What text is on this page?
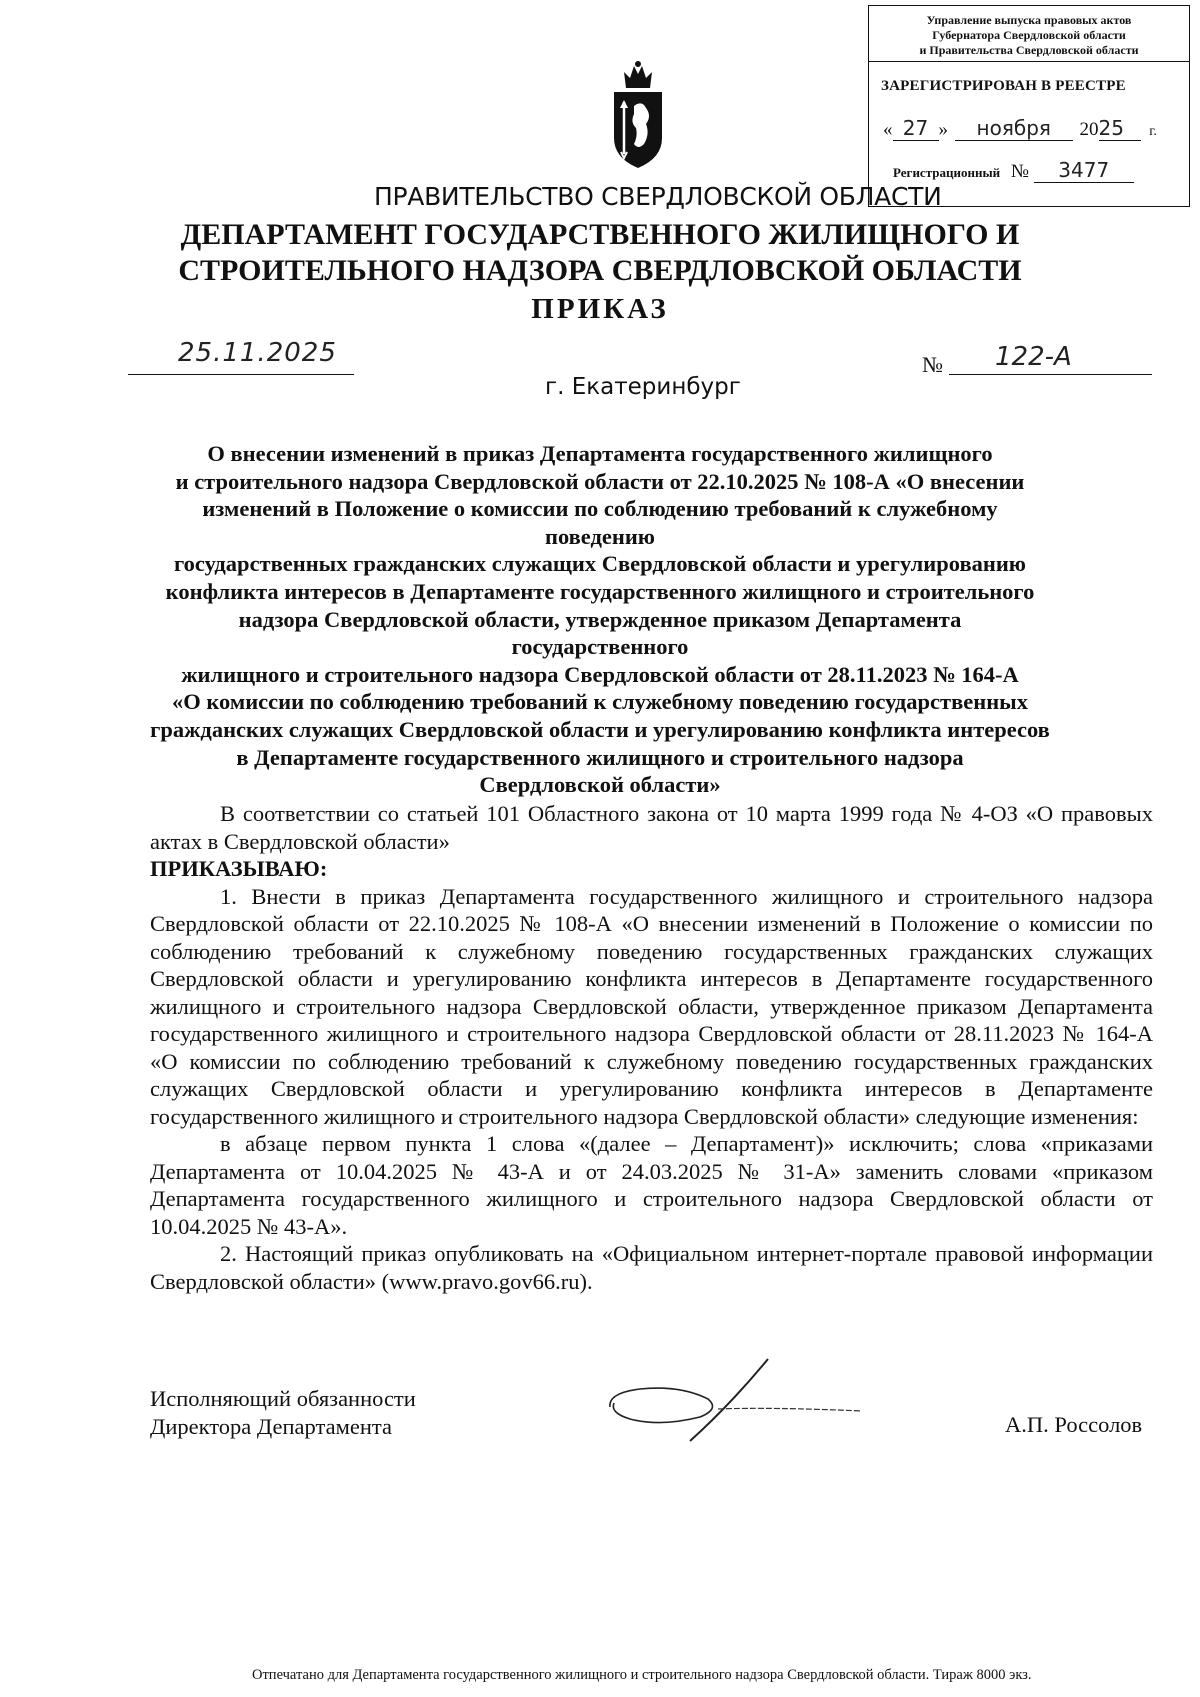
Управление выпуска правовых актов
Губернатора Свердловской области
и Правительства Свердловской области
ЗАРЕГИСТРИРОВАН В РЕЕСТРЕ
« 27 » ноября 2025 г.
Регистрационный № 3477
ПРАВИТЕЛЬСТВО СВЕРДЛОВСКОЙ ОБЛАСТИ
ДЕПАРТАМЕНТ ГОСУДАРСТВЕННОГО ЖИЛИЩНОГО И
СТРОИТЕЛЬНОГО НАДЗОРА СВЕРДЛОВСКОЙ ОБЛАСТИ
ПРИКАЗ
25.11.2025	№ 122-А
г. Екатеринбург
О внесении изменений в приказ Департамента государственного жилищного
и строительного надзора Свердловской области от 22.10.2025 № 108-А «О внесении
изменений в Положение о комиссии по соблюдению требований к служебному поведению
государственных гражданских служащих Свердловской области и урегулированию
конфликта интересов в Департаменте государственного жилищного и строительного
надзора Свердловской области, утвержденное приказом Департамента государственного
жилищного и строительного надзора Свердловской области от 28.11.2023 № 164-А
«О комиссии по соблюдению требований к служебному поведению государственных
гражданских служащих Свердловской области и урегулированию конфликта интересов
в Департаменте государственного жилищного и строительного надзора
Свердловской области»

В соответствии со статьей 101 Областного закона от 10 марта 1999 года № 4-ОЗ «О правовых актах в Свердловской области»

ПРИКАЗЫВАЮ:

1. Внести в приказ Департамента государственного жилищного и строительного надзора Свердловской области от 22.10.2025 № 108-А «О внесении изменений в Положение о комиссии по соблюдению требований к служебному поведению государственных гражданских служащих Свердловской области и урегулированию конфликта интересов в Департаменте государственного жилищного и строительного надзора Свердловской области, утвержденное приказом Департамента государственного жилищного и строительного надзора Свердловской области от 28.11.2023 № 164-А «О комиссии по соблюдению требований к служебному поведению государственных гражданских служащих Свердловской области и урегулированию конфликта интересов в Департаменте государственного жилищного и строительного надзора Свердловской области» следующие изменения:

в абзаце первом пункта 1 слова «(далее – Департамент)» исключить; слова «приказами Департамента от 10.04.2025 № 43-А и от 24.03.2025 № 31-А» заменить словами «приказом Департамента государственного жилищного и строительного надзора Свердловской области от 10.04.2025 № 43-А».

2. Настоящий приказ опубликовать на «Официальном интернет-портале правовой информации Свердловской области» (www.pravo.gov66.ru).

Исполняющий обязанности
Директора Департамента	А.П. Россолов
Отпечатано для Департамента государственного жилищного и строительного надзора Свердловской области. Тираж 8000 экз.
